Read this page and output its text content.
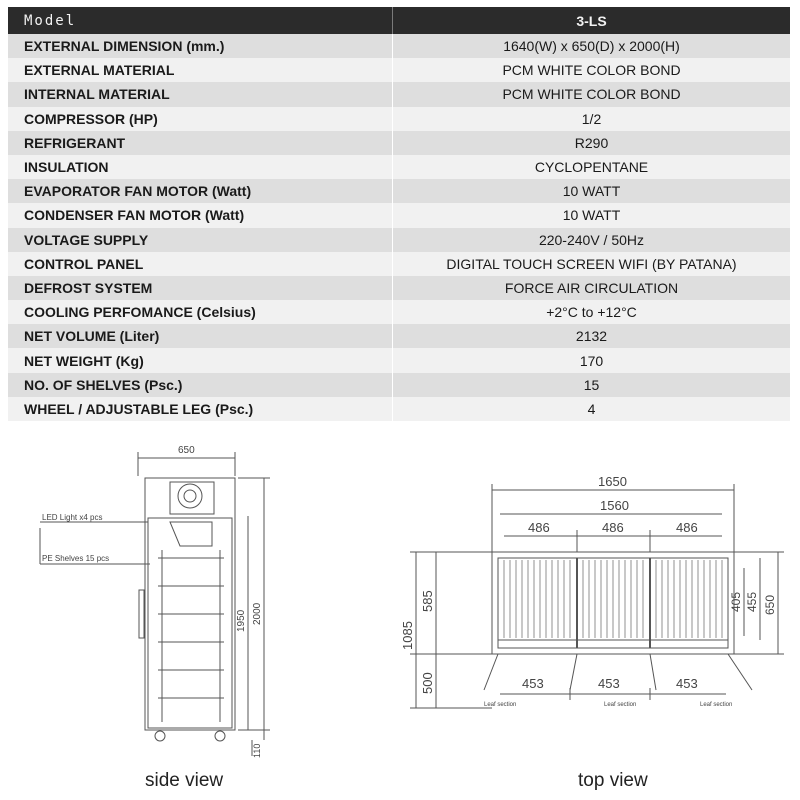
Model	3-LS
EXTERNAL DIMENSION (mm.)	1640(W) x 650(D) x 2000(H)
EXTERNAL MATERIAL	PCM WHITE COLOR BOND
INTERNAL MATERIAL	PCM WHITE COLOR BOND
COMPRESSOR (HP)	1/2
REFRIGERANT	R290
INSULATION	CYCLOPENTANE
EVAPORATOR FAN MOTOR (Watt)	10 WATT
CONDENSER FAN MOTOR (Watt)	10 WATT
VOLTAGE SUPPLY	220-240V / 50Hz
CONTROL PANEL	DIGITAL TOUCH SCREEN WIFI (BY PATANA)
DEFROST SYSTEM	FORCE AIR CIRCULATION
COOLING PERFOMANCE (Celsius)	+2°C to +12°C
NET VOLUME (Liter)	2132
NET WEIGHT (Kg)	170
NO. OF SHELVES (Psc.)	15
WHEEL / ADJUSTABLE LEG (Psc.)	4
650
1950 2000
110
LED Light x4 pcs
PE Shelves 15 pcs
1650
1560
486	486	486
585
1085
500
405 455 650
453	453	453
Leaf section	Leaf section	Leaf section
side view	top view
